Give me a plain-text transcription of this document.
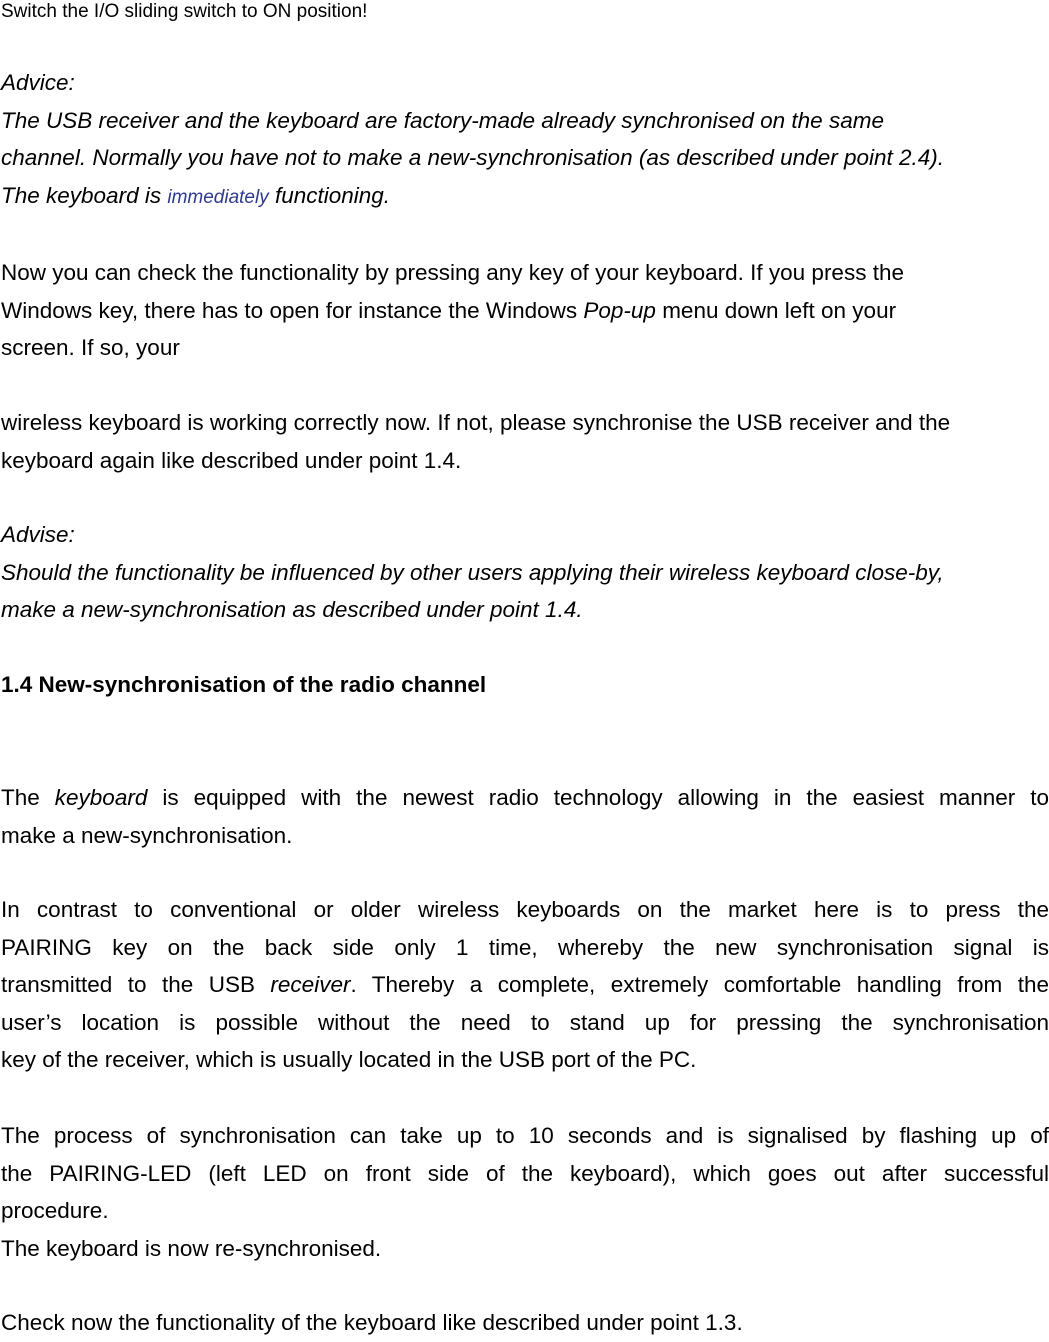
Switch the I/O sliding switch to ON position!

Advice:

The USB receiver and the keyboard are factory-made already synchronised on the same

channel. Normally you have not to make a new-synchronisation (as described under point 2.4).

The keyboard is immediately functioning.

Now you can check the functionality by pressing any key of your keyboard. If you press the

Windows key, there has to open for instance the Windows Pop-up menu down left on your

screen. If so, your

wireless keyboard is working correctly now. If not, please synchronise the USB receiver and the

keyboard again like described under point 1.4.

Advise:

Should the functionality be influenced by other users applying their wireless keyboard close-by,

make a new-synchronisation as described under point 1.4.

1.4 New-synchronisation of the radio channel

The keyboard is equipped with the newest radio technology allowing in the easiest manner to

make a new-synchronisation.

In contrast to conventional or older wireless keyboards on the market here is to press the

PAIRING key on the back side only 1 time, whereby the new synchronisation signal is

transmitted to the USB receiver. Thereby a complete, extremely comfortable handling from the

user’s location is possible without the need to stand up for pressing the synchronisation

key of the receiver, which is usually located in the USB port of the PC.

The process of synchronisation can take up to 10 seconds and is signalised by flashing up of

the PAIRING-LED (left LED on front side of the keyboard), which goes out after successful

procedure.

The keyboard is now re-synchronised.

Check now the functionality of the keyboard like described under point 1.3.
